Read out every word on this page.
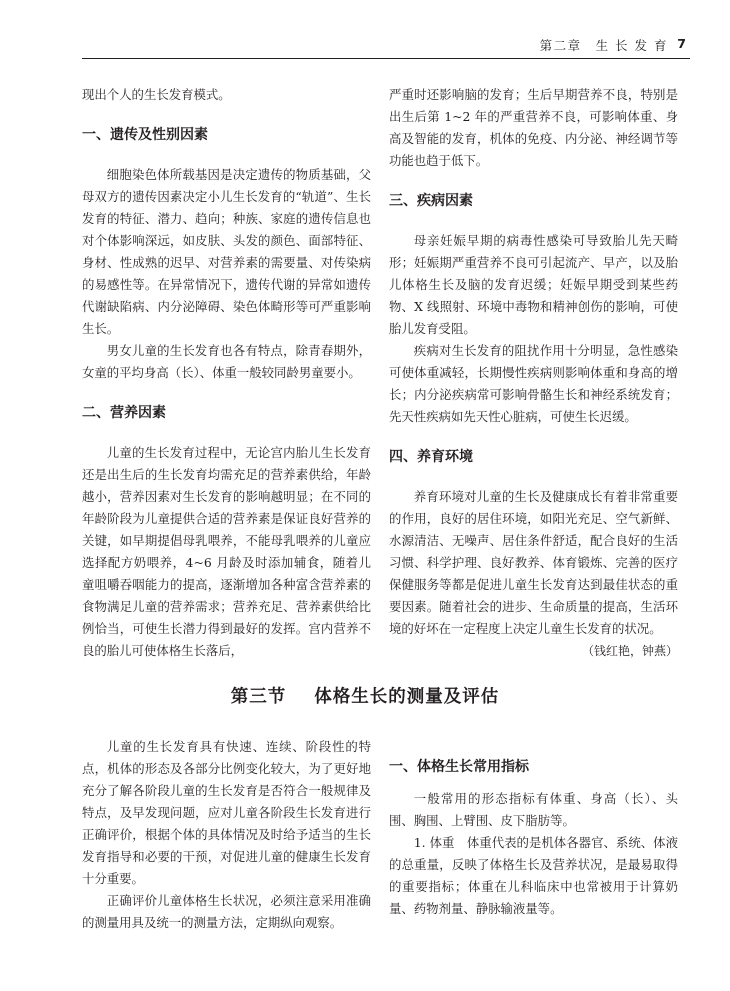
第二章　生 长 发 育 7

现出个人的生长发育模式。

一、遗传及性别因素

细胞染色体所载基因是决定遗传的物质基础，父母双方的遗传因素决定小儿生长发育的“轨道”、生长发育的特征、潜力、趋向；种族、家庭的遗传信息也对个体影响深远，如皮肤、头发的颜色、面部特征、身材、性成熟的迟早、对营养素的需要量、对传染病的易感性等。在异常情况下，遗传代谢的异常如遗传代谢缺陷病、内分泌障碍、染色体畸形等可严重影响生长。

男女儿童的生长发育也各有特点，除青春期外，女童的平均身高（长）、体重一般较同龄男童要小。

二、营养因素

儿童的生长发育过程中，无论宫内胎儿生长发育还是出生后的生长发育均需充足的营养素供给，年龄越小，营养因素对生长发育的影响越明显；在不同的年龄阶段为儿童提供合适的营养素是保证良好营养的关键，如早期提倡母乳喂养，不能母乳喂养的儿童应选择配方奶喂养，4~6 月龄及时添加辅食，随着儿童咀嚼吞咽能力的提高，逐渐增加各种富含营养素的食物满足儿童的营养需求；营养充足、营养素供给比例恰当，可使生长潜力得到最好的发挥。宫内营养不良的胎儿可使体格生长落后，

严重时还影响脑的发育；生后早期营养不良，特别是出生后第 1~2 年的严重营养不良，可影响体重、身高及智能的发育，机体的免疫、内分泌、神经调节等功能也趋于低下。

三、疾病因素

母亲妊娠早期的病毒性感染可导致胎儿先天畸形；妊娠期严重营养不良可引起流产、早产，以及胎儿体格生长及脑的发育迟缓；妊娠早期受到某些药物、X 线照射、环境中毒物和精神创伤的影响，可使胎儿发育受阻。

疾病对生长发育的阻扰作用十分明显，急性感染可使体重减轻，长期慢性疾病则影响体重和身高的增长；内分泌疾病常可影响骨骼生长和神经系统发育；先天性疾病如先天性心脏病，可使生长迟缓。

四、养育环境

养育环境对儿童的生长及健康成长有着非常重要的作用，良好的居住环境，如阳光充足、空气新鲜、水源清洁、无噪声、居住条件舒适，配合良好的生活习惯、科学护理、良好教养、体育锻炼、完善的医疗保健服务等都是促进儿童生长发育达到最佳状态的重要因素。随着社会的进步、生命质量的提高，生活环境的好坏在一定程度上决定儿童生长发育的状况。

（钱红艳，钟燕）

第三节 体格生长的测量及评估

儿童的生长发育具有快速、连续、阶段性的特点，机体的形态及各部分比例变化较大，为了更好地充分了解各阶段儿童的生长发育是否符合一般规律及特点，及早发现问题，应对儿童各阶段生长发育进行正确评价，根据个体的具体情况及时给予适当的生长发育指导和必要的干预，对促进儿童的健康生长发育十分重要。

正确评价儿童体格生长状况，必须注意采用准确的测量用具及统一的测量方法，定期纵向观察。

一、体格生长常用指标

一般常用的形态指标有体重、身高（长）、头围、胸围、上臂围、皮下脂肪等。

1. 体重　体重代表的是机体各器官、系统、体液的总重量，反映了体格生长及营养状况，是最易取得的重要指标；体重在儿科临床中也常被用于计算奶量、药物剂量、静脉输液量等。
